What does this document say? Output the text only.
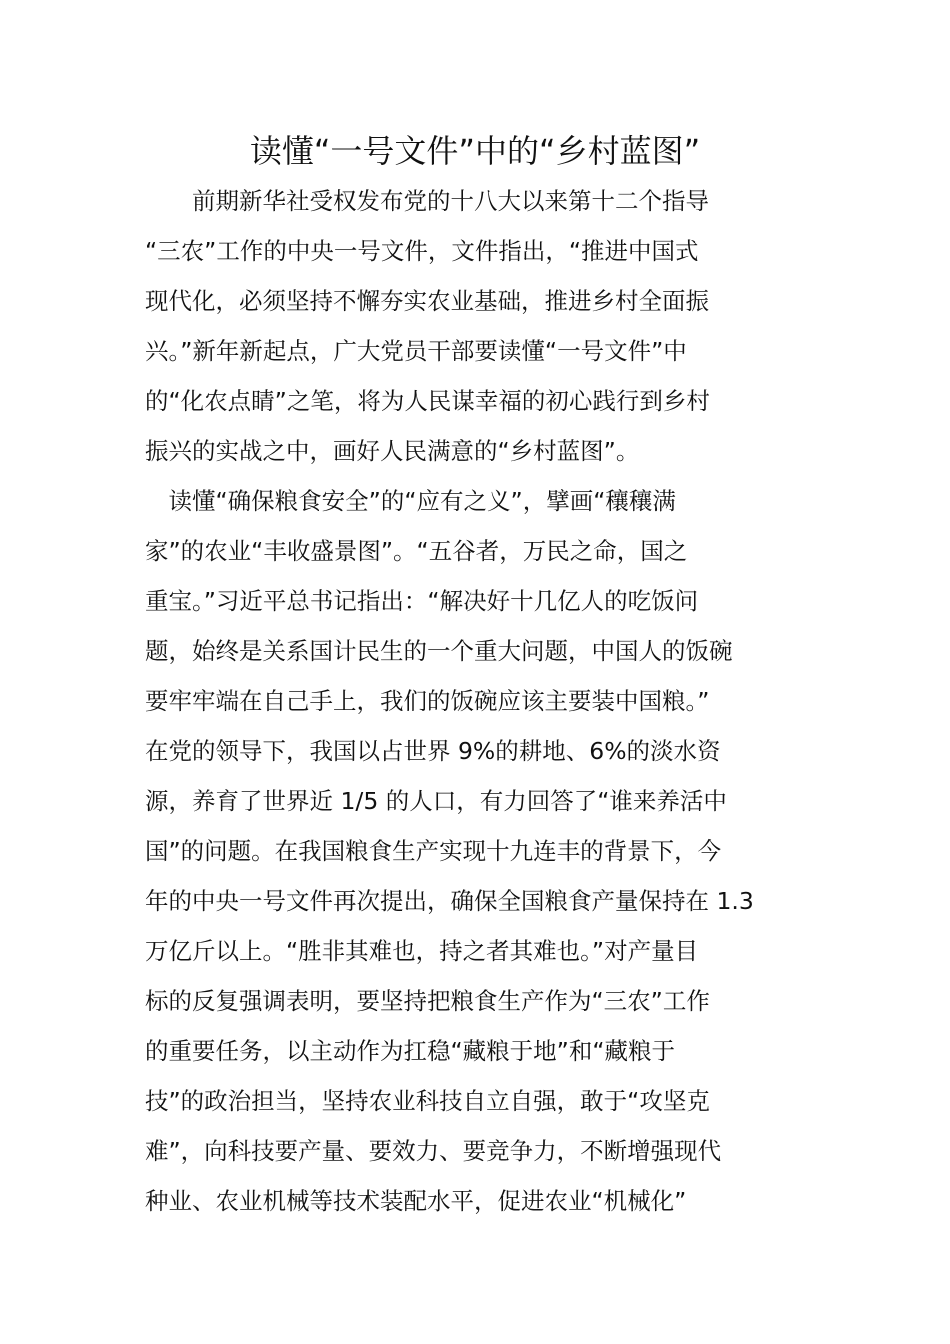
读懂“一号文件”中的“乡村蓝图”
　　前期新华社受权发布党的十八大以来第十二个指导
“三农”工作的中央一号文件，文件指出，“推进中国式
现代化，必须坚持不懈夯实农业基础，推进乡村全面振
兴。”新年新起点，广大党员干部要读懂“一号文件”中
的“化农点睛”之笔，将为人民谋幸福的初心践行到乡村
振兴的实战之中，画好人民满意的“乡村蓝图”。
　读懂“确保粮食安全”的“应有之义”，擘画“穰穰满
家”的农业“丰收盛景图”。“五谷者，万民之命，国之
重宝。”习近平总书记指出：“解决好十几亿人的吃饭问
题，始终是关系国计民生的一个重大问题，中国人的饭碗
要牢牢端在自己手上，我们的饭碗应该主要装中国粮。”
在党的领导下，我国以占世界 9%的耕地、6%的淡水资
源，养育了世界近 1/5 的人口，有力回答了“谁来养活中
国”的问题。在我国粮食生产实现十九连丰的背景下，今
年的中央一号文件再次提出，确保全国粮食产量保持在 1.3
万亿斤以上。“胜非其难也，持之者其难也。”对产量目
标的反复强调表明，要坚持把粮食生产作为“三农”工作
的重要任务，以主动作为扛稳“藏粮于地”和“藏粮于
技”的政治担当，坚持农业科技自立自强，敢于“攻坚克
难”，向科技要产量、要效力、要竞争力，不断增强现代
种业、农业机械等技术装配水平，促进农业“机械化”
